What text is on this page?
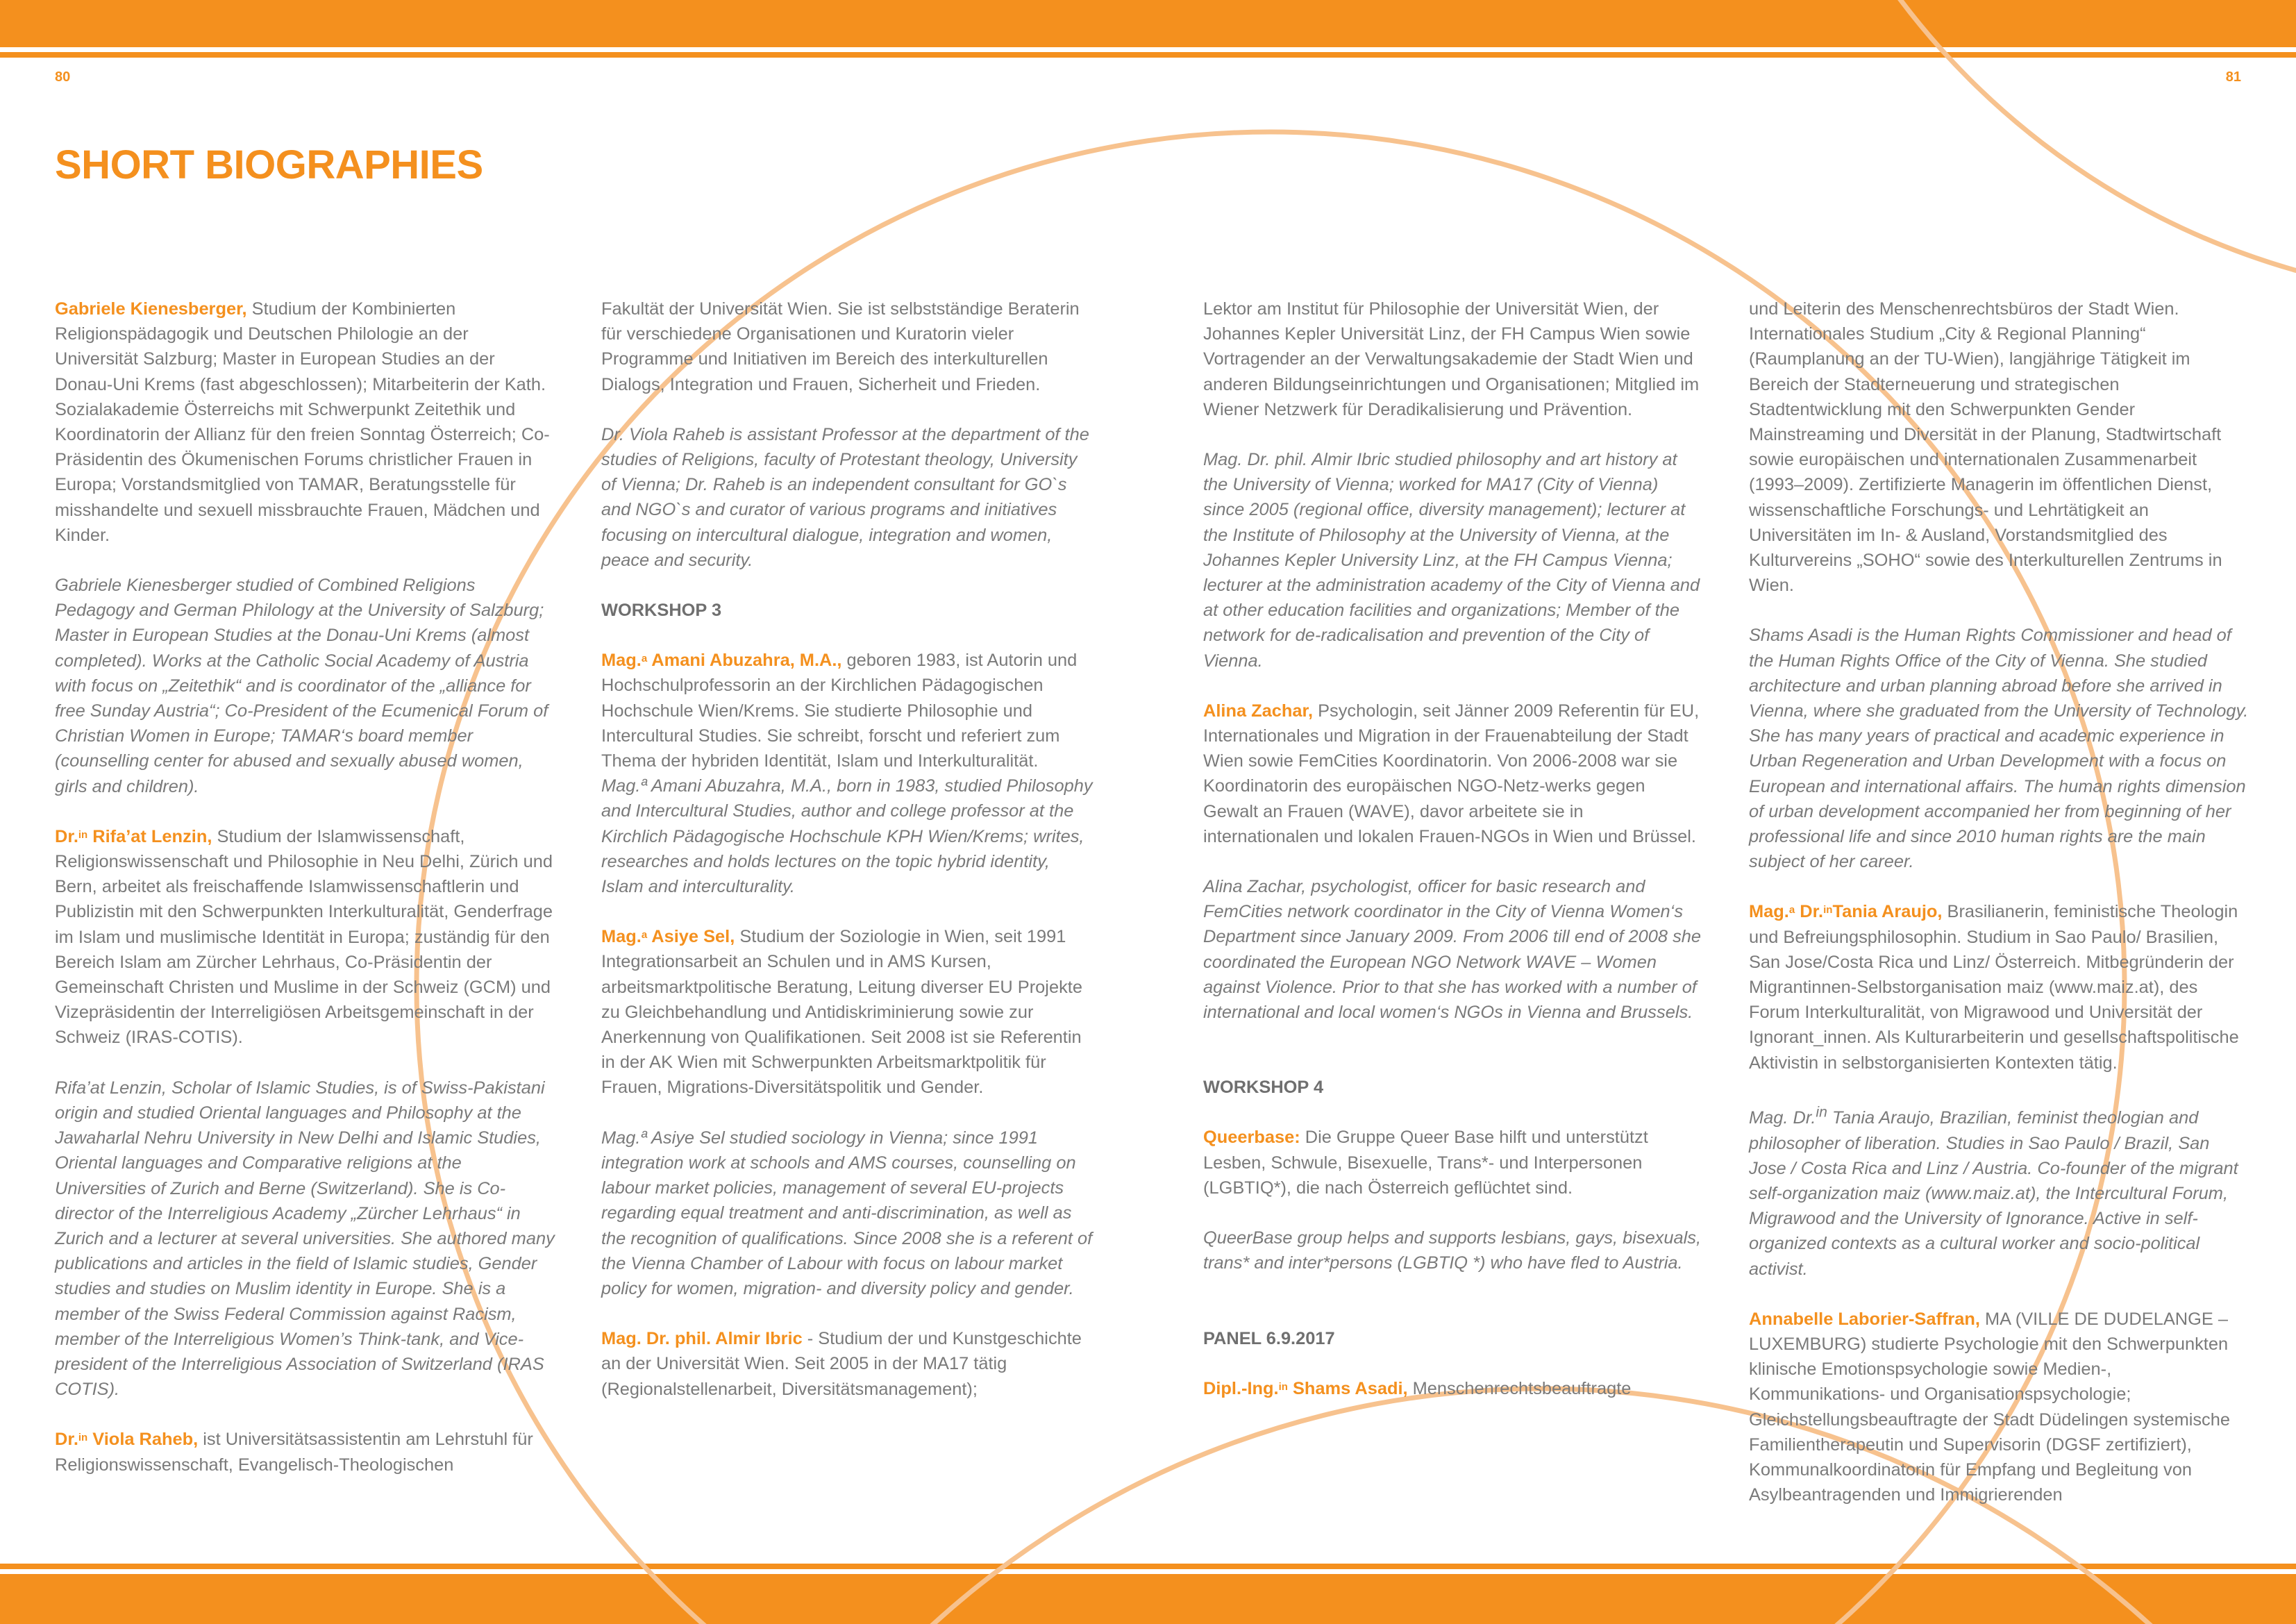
80	81
SHORT BIOGRAPHIES

Gabriele Kienesberger, Studium der Kombinierten Religionspädagogik und Deutschen Philologie an der Universität Salzburg; Master in European Studies an der Donau-Uni Krems (fast abgeschlossen); Mitarbeiterin der Kath. Sozialakademie Österreichs mit Schwerpunkt Zeitethik und Koordinatorin der Allianz für den freien Sonntag Österreich; Co-Präsidentin des Ökumenischen Forums christlicher Frauen in Europa; Vorstandsmitglied von TAMAR, Beratungsstelle für misshandelte und sexuell missbrauchte Frauen, Mädchen und Kinder.

Gabriele Kienesberger studied of Combined Religions Pedagogy and German Philology at the University of Salzburg; Master in European Studies at the Donau-Uni Krems (almost completed). Works at the Catholic Social Academy of Austria with focus on „Zeitethik“ and is coordinator of the „alliance for free Sunday Austria“; Co-President of the Ecumenical Forum of Christian Women in Europe; TAMAR‘s board member (counselling center for abused and sexually abused women, girls and children).

Dr.$^{in}$ Rifa’at Lenzin, Studium der Islamwissenschaft, Religionswissenschaft und Philosophie in Neu Delhi, Zürich und Bern, arbeitet als freischaffende Islamwissenschaftlerin und Publizistin mit den Schwerpunkten Interkulturalität, Genderfrage im Islam und muslimische Identität in Europa; zuständig für den Bereich Islam am Zürcher Lehrhaus, Co-Präsidentin der Gemeinschaft Christen und Muslime in der Schweiz (GCM) und Vizepräsidentin der Interreligiösen Arbeitsgemeinschaft in der Schweiz (IRAS-COTIS).

Rifa’at Lenzin, Scholar of Islamic Studies, is of Swiss-Pakistani origin and studied Oriental languages and Philosophy at the Jawaharlal Nehru University in New Delhi and Islamic Studies, Oriental languages and Comparative religions at the Universities of Zurich and Berne (Switzerland). She is Co-director of the Interreligious Academy „Zürcher Lehrhaus“ in Zurich and a lecturer at several universities. She authored many publications and articles in the field of Islamic studies, Gender studies and studies on Muslim identity in Europe. She is a member of the Swiss Federal Commission against Racism, member of the Interreligious Women’s Think-tank, and Vice-president of the Interreligious Association of Switzerland (IRAS COTIS).

Dr.$^{in}$ Viola Raheb, ist Universitätsassistentin am Lehrstuhl für Religionswissenschaft, Evangelisch-Theologischen

Fakultät der Universität Wien. Sie ist selbstständige Beraterin für verschiedene Organisationen und Kuratorin vieler Programme und Initiativen im Bereich des interkulturellen Dialogs, Integration und Frauen, Sicherheit und Frieden.

Dr. Viola Raheb is assistant Professor at the department of the studies of Religions, faculty of Protestant theology, University of Vienna; Dr. Raheb is an independent consultant for GO`s and NGO`s and curator of various programs and initiatives focusing on intercultural dialogue, integration and women, peace and security.

WORKSHOP 3

Mag.$^a$ Amani Abuzahra, M.A., geboren 1983, ist Autorin und Hochschulprofessorin an der Kirchlichen Pädagogischen Hochschule Wien/Krems. Sie studierte Philosophie und Intercultural Studies. Sie schreibt, forscht und referiert zum Thema der hybriden Identität, Islam und Interkulturalität.

Mag.ª Amani Abuzahra, M.A., born in 1983, studied Philosophy and Intercultural Studies, author and college professor at the Kirchlich Pädagogische Hochschule KPH Wien/Krems; writes, researches and holds lectures on the topic hybrid identity, Islam and interculturality.

Mag.$^a$ Asiye Sel, Studium der Soziologie in Wien, seit 1991 Integrationsarbeit an Schulen und in AMS Kursen, arbeitsmarktpolitische Beratung, Leitung diverser EU Projekte zu Gleichbehandlung und Antidiskriminierung sowie zur Anerkennung von Qualifikationen. Seit 2008 ist sie Referentin in der AK Wien mit Schwerpunkten Arbeitsmarktpolitik für Frauen, Migrations-Diversitätspolitik und Gender.

Mag.ª Asiye Sel studied sociology in Vienna; since 1991 integration work at schools and AMS courses, counselling on labour market policies, management of several EU-projects regarding equal treatment and anti-discrimination, as well as the recognition of qualifications. Since 2008 she is a referent of the Vienna Chamber of Labour with focus on labour market policy for women, migration- and diversity policy and gender.

Mag. Dr. phil. Almir Ibric - Studium der und Kunstgeschichte an der Universität Wien. Seit 2005 in der MA17 tätig (Regionalstellenarbeit, Diversitätsmanagement);

Lektor am Institut für Philosophie der Universität Wien, der Johannes Kepler Universität Linz, der FH Campus Wien sowie Vortragender an der Verwaltungsakademie der Stadt Wien und anderen Bildungseinrichtungen und Organisationen; Mitglied im Wiener Netzwerk für Deradikalisierung und Prävention.

Mag. Dr. phil. Almir Ibric studied philosophy and art history at the University of Vienna; worked for MA17 (City of Vienna) since 2005 (regional office, diversity management); lecturer at the Institute of Philosophy at the University of Vienna, at the Johannes Kepler University Linz, at the FH Campus Vienna; lecturer at the administration academy of the City of Vienna and at other education facilities and organizations; Member of the network for de-radicalisation and prevention of the City of Vienna.

Alina Zachar, Psychologin, seit Jänner 2009 Referentin für EU, Internationales und Migration in der Frauenabteilung der Stadt Wien sowie FemCities Koordinatorin. Von 2006-2008 war sie Koordinatorin des europäischen NGO-Netz-werks gegen Gewalt an Frauen (WAVE), davor arbeitete sie in internationalen und lokalen Frauen-NGOs in Wien und Brüssel.

Alina Zachar, psychologist, officer for basic research and FemCities network coordinator in the City of Vienna Women‘s Department since January 2009. From 2006 till end of 2008 she coordinated the European NGO Network WAVE – Women against Violence. Prior to that she has worked with a number of international and local women‘s NGOs in Vienna and Brussels.

WORKSHOP 4

Queerbase: Die Gruppe Queer Base hilft und unterstützt Lesben, Schwule, Bisexuelle, Trans*- und Interpersonen (LGBTIQ*), die nach Österreich geflüchtet sind.

QueerBase group helps and supports lesbians, gays, bisexuals, trans* and inter*persons (LGBTIQ *) who have fled to Austria.

PANEL 6.9.2017

Dipl.-Ing.$^{in}$ Shams Asadi, Menschenrechtsbeauftragte

und Leiterin des Menschenrechtsbüros der Stadt Wien. Internationales Studium „City & Regional Planning“ (Raumplanung an der TU-Wien), langjährige Tätigkeit im Bereich der Stadterneuerung und strategischen Stadtentwicklung mit den Schwerpunkten Gender Mainstreaming und Diversität in der Planung, Stadtwirtschaft sowie europäischen und internationalen Zusammenarbeit (1993–2009). Zertifizierte Managerin im öffentlichen Dienst, wissenschaftliche Forschungs- und Lehrtätigkeit an Universitäten im In- & Ausland, Vorstandsmitglied des Kulturvereins „SOHO“ sowie des Interkulturellen Zentrums in Wien.

Shams Asadi is the Human Rights Commissioner and head of the Human Rights Office of the City of Vienna. She studied architecture and urban planning abroad before she arrived in Vienna, where she graduated from the University of Technology. She has many years of practical and academic experience in Urban Regeneration and Urban Development with a focus on European and international affairs. The human rights dimension of urban development accompanied her from beginning of her professional life and since 2010 human rights are the main subject of her career.

Mag.$^a$ Dr.$^{in}$Tania Araujo, Brasilianerin, feministische Theologin und Befreiungsphilosophin. Studium in Sao Paulo/ Brasilien, San Jose/Costa Rica und Linz/ Österreich. Mitbegründerin der Migrantinnen-Selbstorganisation maiz (www.maiz.at), des Forum Interkulturalität, von Migrawood und Universität der Ignorant_innen. Als Kulturarbeiterin und gesellschaftspolitische Aktivistin in selbstorganisierten Kontexten tätig.

Mag. Dr.$^{in}$ Tania Araujo, Brazilian, feminist theologian and philosopher of liberation. Studies in Sao Paulo / Brazil, San Jose / Costa Rica and Linz / Austria. Co-founder of the migrant self-organization maiz (www.maiz.at), the Intercultural Forum, Migrawood and the University of Ignorance. Active in self-organized contexts as a cultural worker and socio-political activist.

Annabelle Laborier-Saffran, MA (VILLE DE DUDELANGE – LUXEMBURG) studierte Psychologie mit den Schwerpunkten klinische Emotionspsychologie sowie Medien-, Kommunikations- und Organisationspsychologie; Gleichstellungsbeauftragte der Stadt Düdelingen systemische Familientherapeutin und Supervisorin (DGSF zertifiziert), Kommunalkoordinatorin für Empfang und Begleitung von Asylbeantragenden und Immigrierenden
